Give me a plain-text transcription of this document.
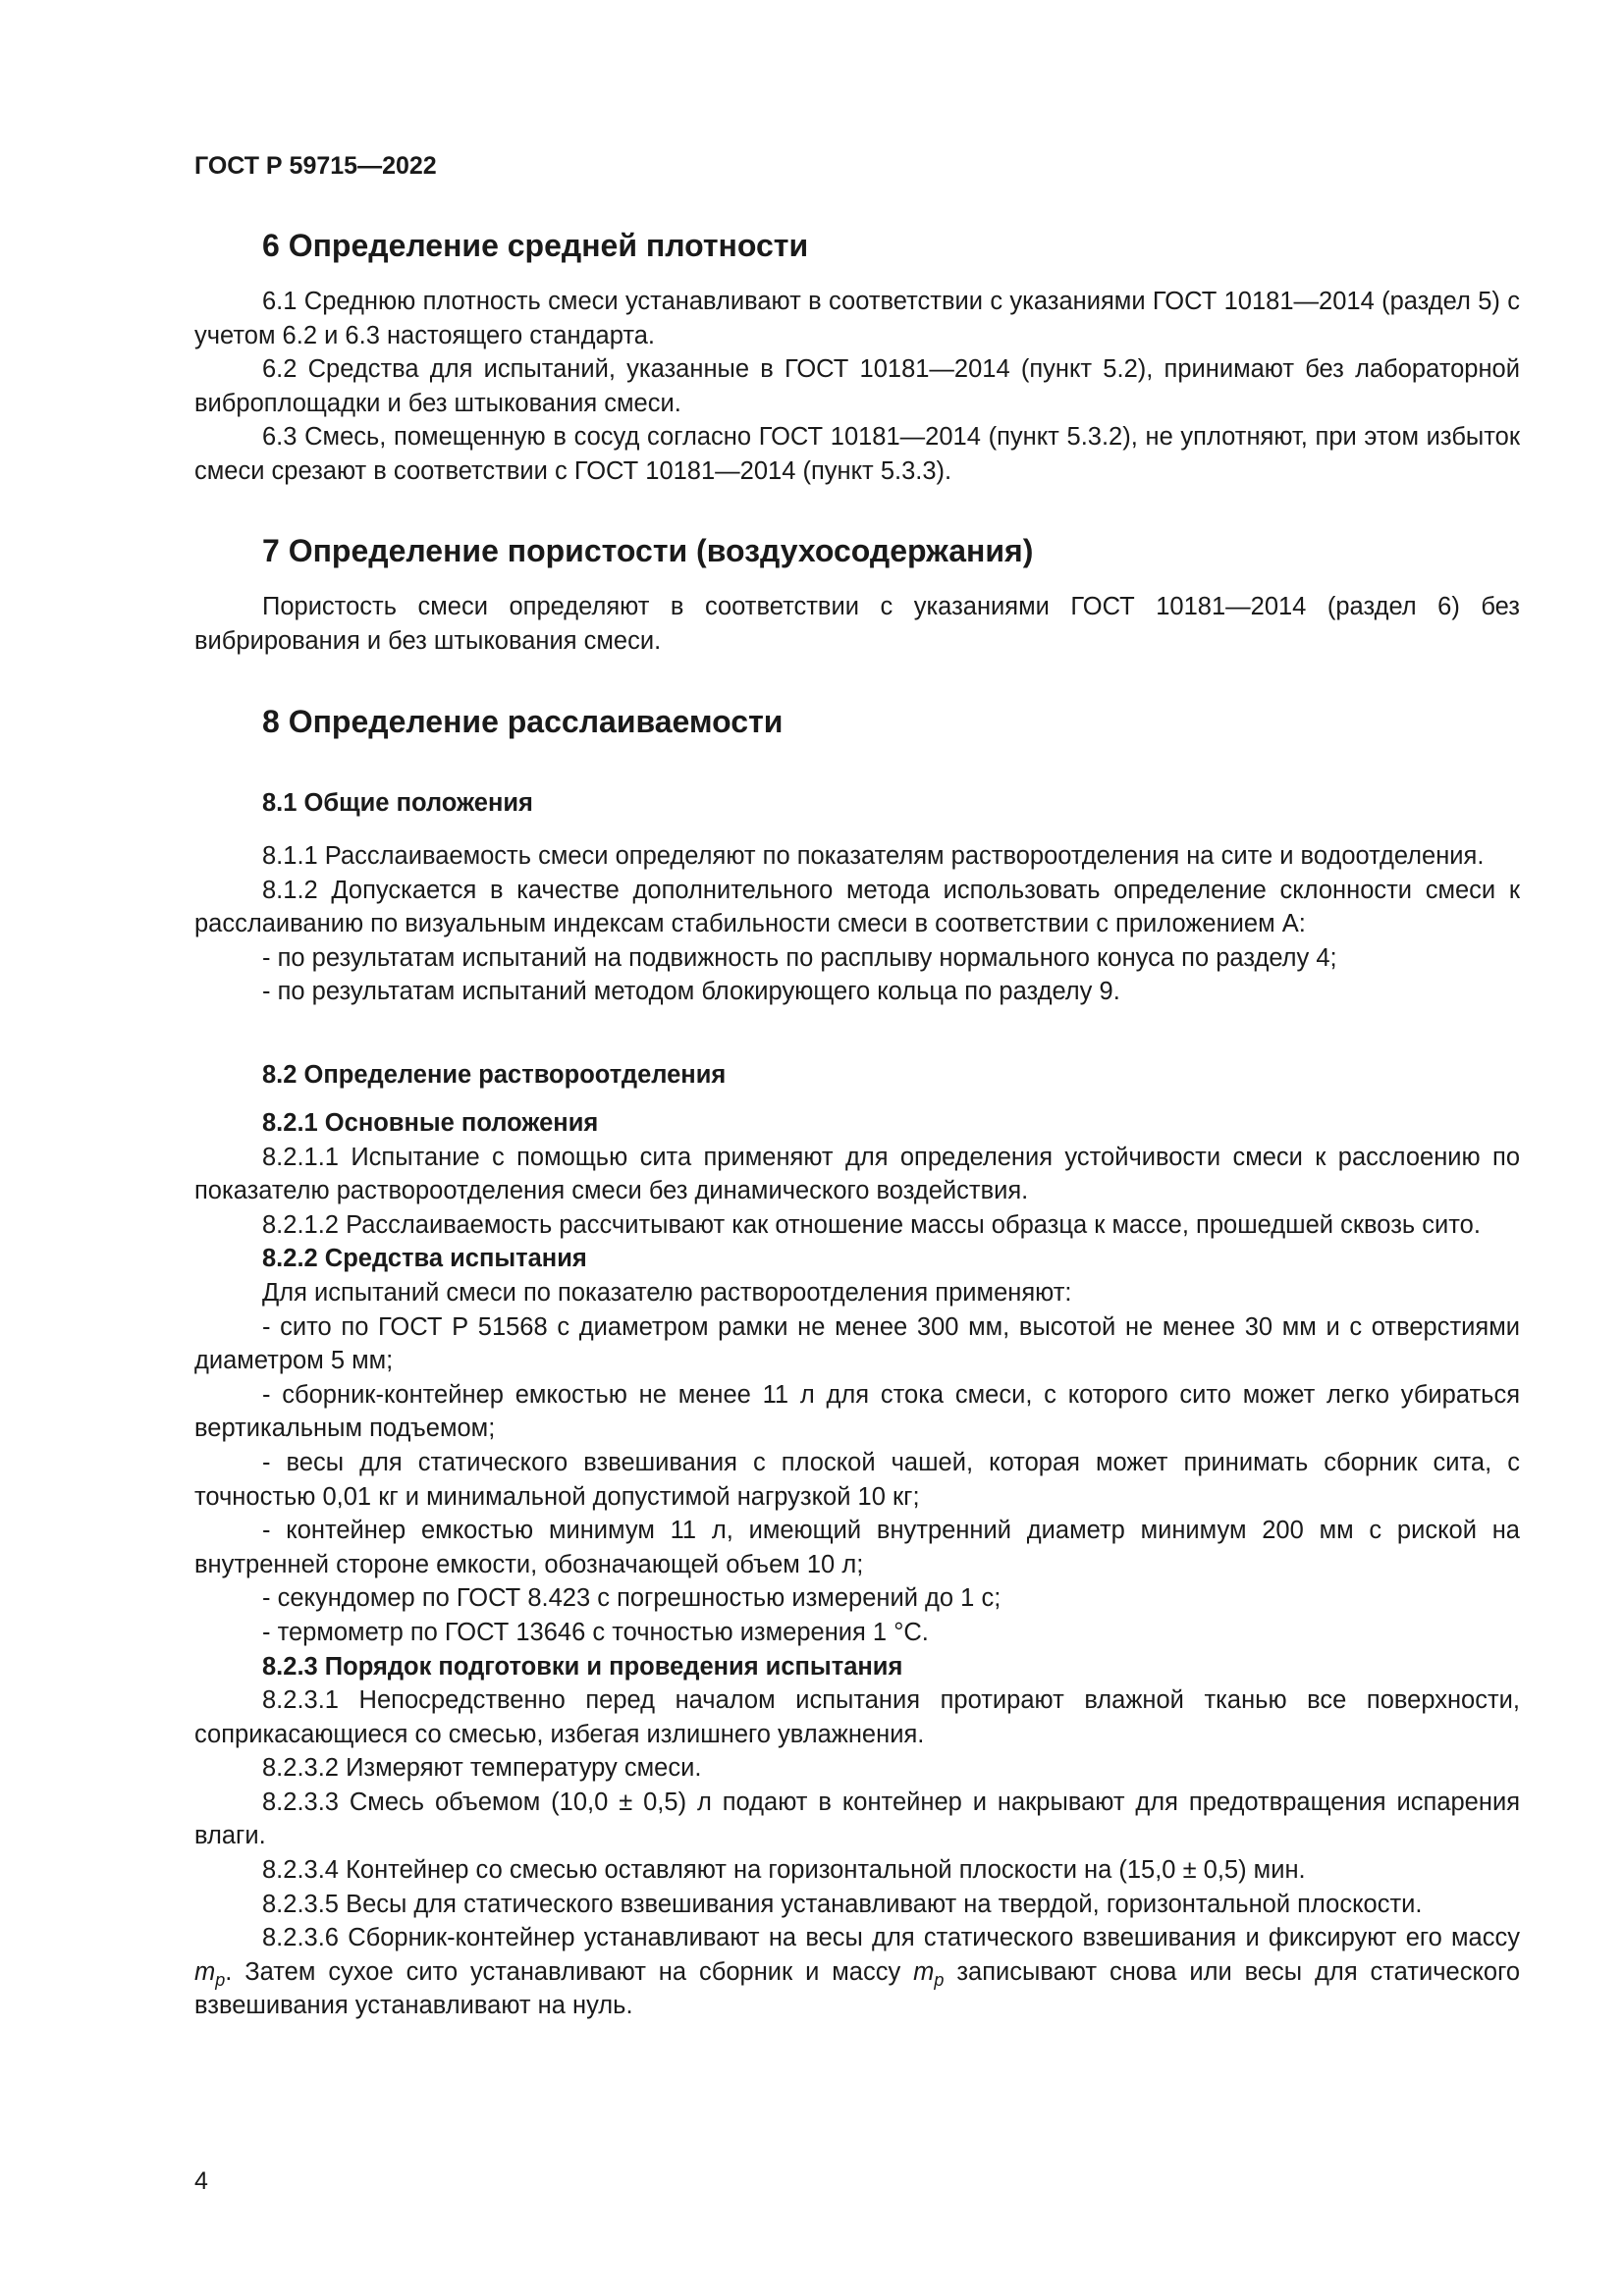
ГОСТ Р 59715—2022
6 Определение средней плотности

6.1 Среднюю плотность смеси устанавливают в соответствии с указаниями ГОСТ 10181—2014 (раздел 5) с учетом 6.2 и 6.3 настоящего стандарта.

6.2 Средства для испытаний, указанные в ГОСТ 10181—2014 (пункт 5.2), принимают без лабораторной виброплощадки и без штыкования смеси.

6.3 Смесь, помещенную в сосуд согласно ГОСТ 10181—2014 (пункт 5.3.2), не уплотняют, при этом избыток смеси срезают в соответствии с ГОСТ 10181—2014 (пункт 5.3.3).

7 Определение пористости (воздухосодержания)

Пористость смеси определяют в соответствии с указаниями ГОСТ 10181—2014 (раздел 6) без вибрирования и без штыкования смеси.

8 Определение расслаиваемости
8.1 Общие положения

8.1.1 Расслаиваемость смеси определяют по показателям раствороотделения на сите и водоотделения.

8.1.2 Допускается в качестве дополнительного метода использовать определение склонности смеси к расслаиванию по визуальным индексам стабильности смеси в соответствии с приложением А:

- по результатам испытаний на подвижность по расплыву нормального конуса по разделу 4;

- по результатам испытаний методом блокирующего кольца по разделу 9.

8.2 Определение раствороотделения
8.2.1 Основные положения

8.2.1.1 Испытание с помощью сита применяют для определения устойчивости смеси к расслоению по показателю раствороотделения смеси без динамического воздействия.

8.2.1.2 Расслаиваемость рассчитывают как отношение массы образца к массе, прошедшей сквозь сито.

8.2.2 Средства испытания

Для испытаний смеси по показателю раствороотделения применяют:

- сито по ГОСТ Р 51568 с диаметром рамки не менее 300 мм, высотой не менее 30 мм и с отверстиями диаметром 5 мм;

- сборник-контейнер емкостью не менее 11 л для стока смеси, с которого сито может легко убираться вертикальным подъемом;

- весы для статического взвешивания с плоской чашей, которая может принимать сборник сита, с точностью 0,01 кг и минимальной допустимой нагрузкой 10 кг;

- контейнер емкостью минимум 11 л, имеющий внутренний диаметр минимум 200 мм с риской на внутренней стороне емкости, обозначающей объем 10 л;

- секундомер по ГОСТ 8.423 с погрешностью измерений до 1 с;

- термометр по ГОСТ 13646 с точностью измерения 1 °С.

8.2.3 Порядок подготовки и проведения испытания

8.2.3.1 Непосредственно перед началом испытания протирают влажной тканью все поверхности, соприкасающиеся со смесью, избегая излишнего увлажнения.

8.2.3.2 Измеряют температуру смеси.

8.2.3.3 Смесь объемом (10,0 ± 0,5) л подают в контейнер и накрывают для предотвращения испарения влаги.

8.2.3.4 Контейнер со смесью оставляют на горизонтальной плоскости на (15,0 ± 0,5) мин.

8.2.3.5 Весы для статического взвешивания устанавливают на твердой, горизонтальной плоскости.

8.2.3.6 Сборник-контейнер устанавливают на весы для статического взвешивания и фиксируют его массу $m_p$. Затем сухое сито устанавливают на сборник и массу $m_p$ записывают снова или весы для статического взвешивания устанавливают на нуль.

4
